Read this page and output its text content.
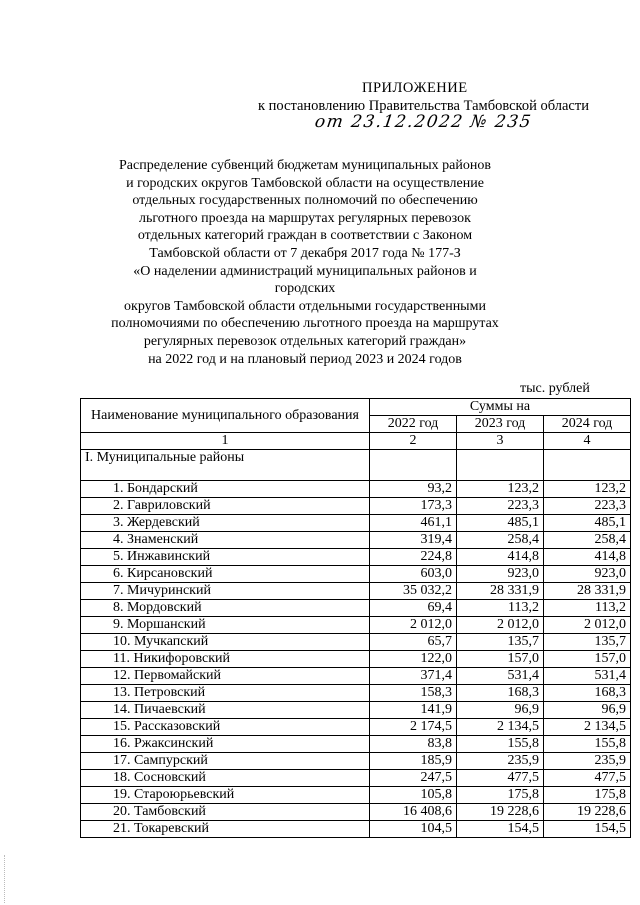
ПРИЛОЖЕНИЕ
к постановлению Правительства Тамбовской области
от 23.12.2022 № 235
Распределение субвенций бюджетам муниципальных районов
и городских округов Тамбовской области на осуществление
отдельных государственных полномочий по обеспечению
льготного проезда на маршрутах регулярных перевозок
отдельных категорий граждан в соответствии с Законом
Тамбовской области от 7 декабря 2017 года № 177-З
«О наделении администраций муниципальных районов и городских
округов Тамбовской области отдельными государственными
полномочиями по обеспечению льготного проезда на маршрутах
регулярных перевозок отдельных категорий граждан»
на 2022 год и на плановый период 2023 и 2024 годов
тыс. рублей
Наименование муниципального образования	Суммы на		
	2022 год	2023 год	2024 год
1	2	3	4
I. Муниципальные районы			
1. Бондарский	93,2	123,2	123,2
2. Гавриловский	173,3	223,3	223,3
3. Жердевский	461,1	485,1	485,1
4. Знаменский	319,4	258,4	258,4
5. Инжавинский	224,8	414,8	414,8
6. Кирсановский	603,0	923,0	923,0
7. Мичуринский	35 032,2	28 331,9	28 331,9
8. Мордовский	69,4	113,2	113,2
9. Моршанский	2 012,0	2 012,0	2 012,0
10. Мучкапский	65,7	135,7	135,7
11. Никифоровский	122,0	157,0	157,0
12. Первомайский	371,4	531,4	531,4
13. Петровский	158,3	168,3	168,3
14. Пичаевский	141,9	96,9	96,9
15. Рассказовский	2 174,5	2 134,5	2 134,5
16. Ржаксинский	83,8	155,8	155,8
17. Сампурский	185,9	235,9	235,9
18. Сосновский	247,5	477,5	477,5
19. Староюрьевский	105,8	175,8	175,8
20. Тамбовский	16 408,6	19 228,6	19 228,6
21. Токаревский	104,5	154,5	154,5
